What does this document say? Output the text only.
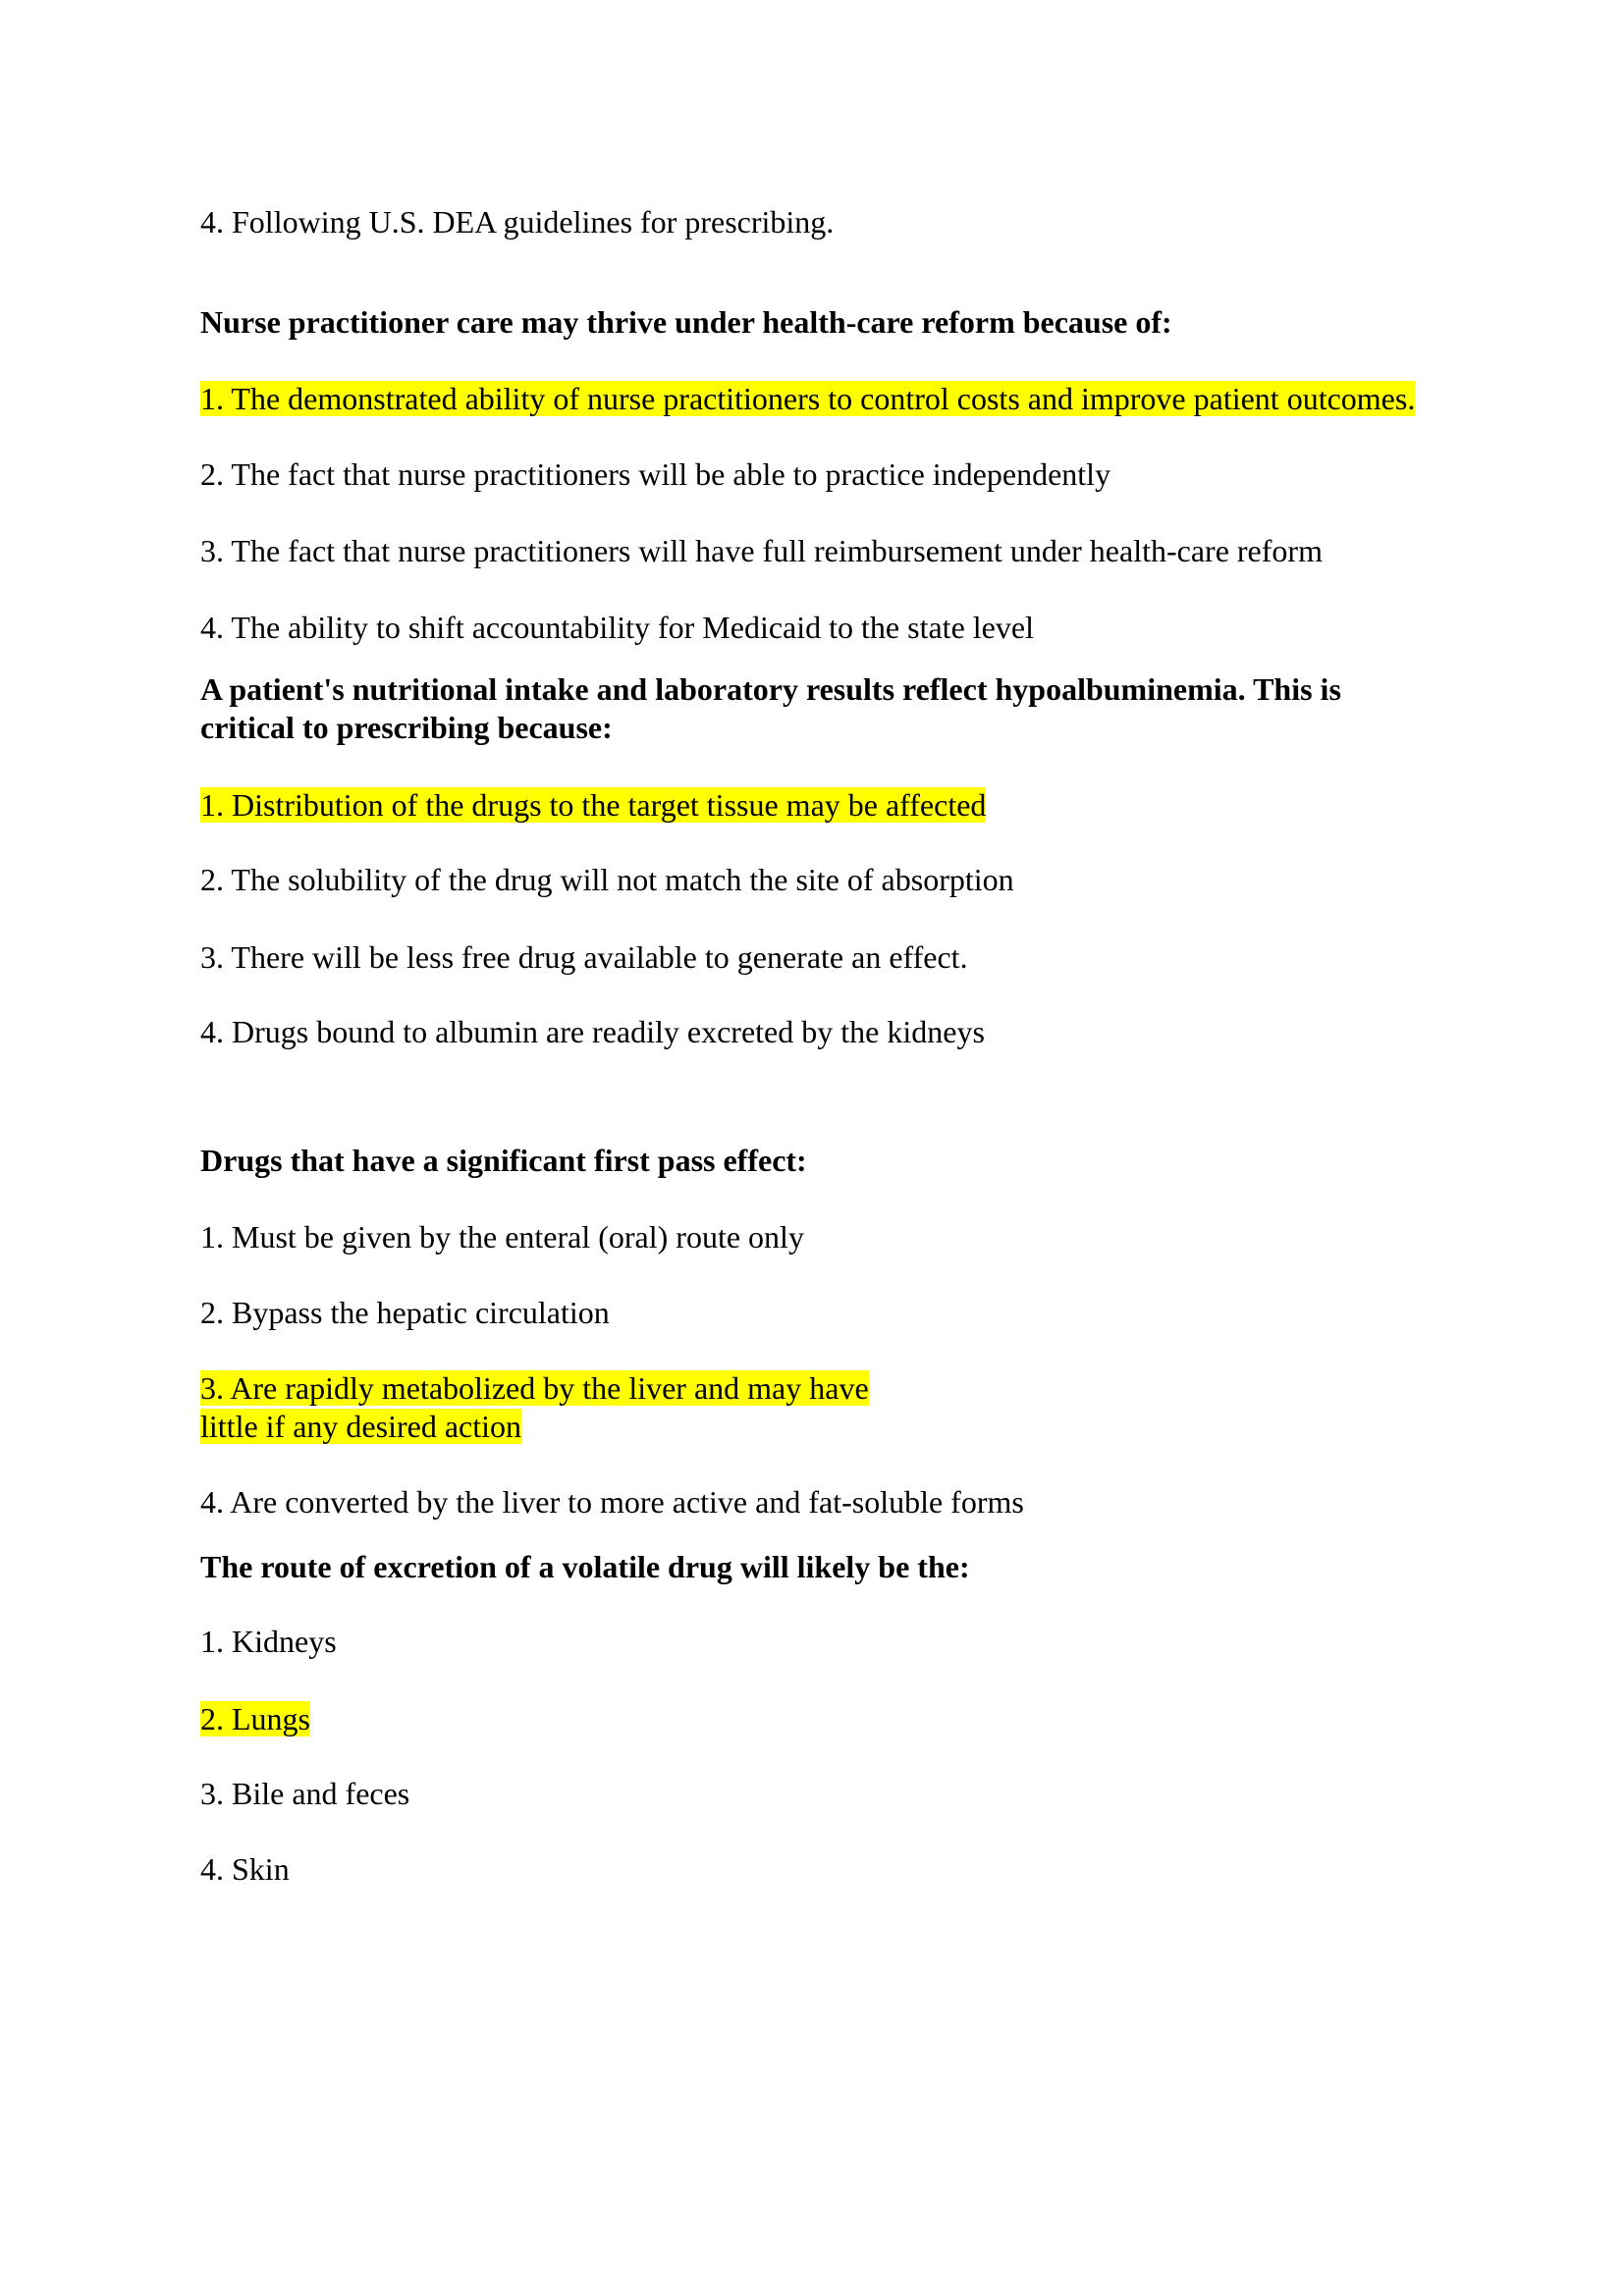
4. Following U.S. DEA guidelines for prescribing.
Nurse practitioner care may thrive under health-care reform because of:
1. The demonstrated ability of nurse practitioners to control costs and improve patient outcomes.
2. The fact that nurse practitioners will be able to practice independently
3. The fact that nurse practitioners will have full reimbursement under health-care reform
4. The ability to shift accountability for Medicaid to the state level
A patient's nutritional intake and laboratory results reflect hypoalbuminemia. This is
critical to prescribing because:
1. Distribution of the drugs to the target tissue may be affected
2. The solubility of the drug will not match the site of absorption
3. There will be less free drug available to generate an effect.
4. Drugs bound to albumin are readily excreted by the kidneys
Drugs that have a significant first pass effect:
1. Must be given by the enteral (oral) route only
2. Bypass the hepatic circulation
3. Are rapidly metabolized by the liver and may have
little if any desired action
4. Are converted by the liver to more active and fat-soluble forms
The route of excretion of a volatile drug will likely be the:
1. Kidneys
2. Lungs
3. Bile and feces
4. Skin
